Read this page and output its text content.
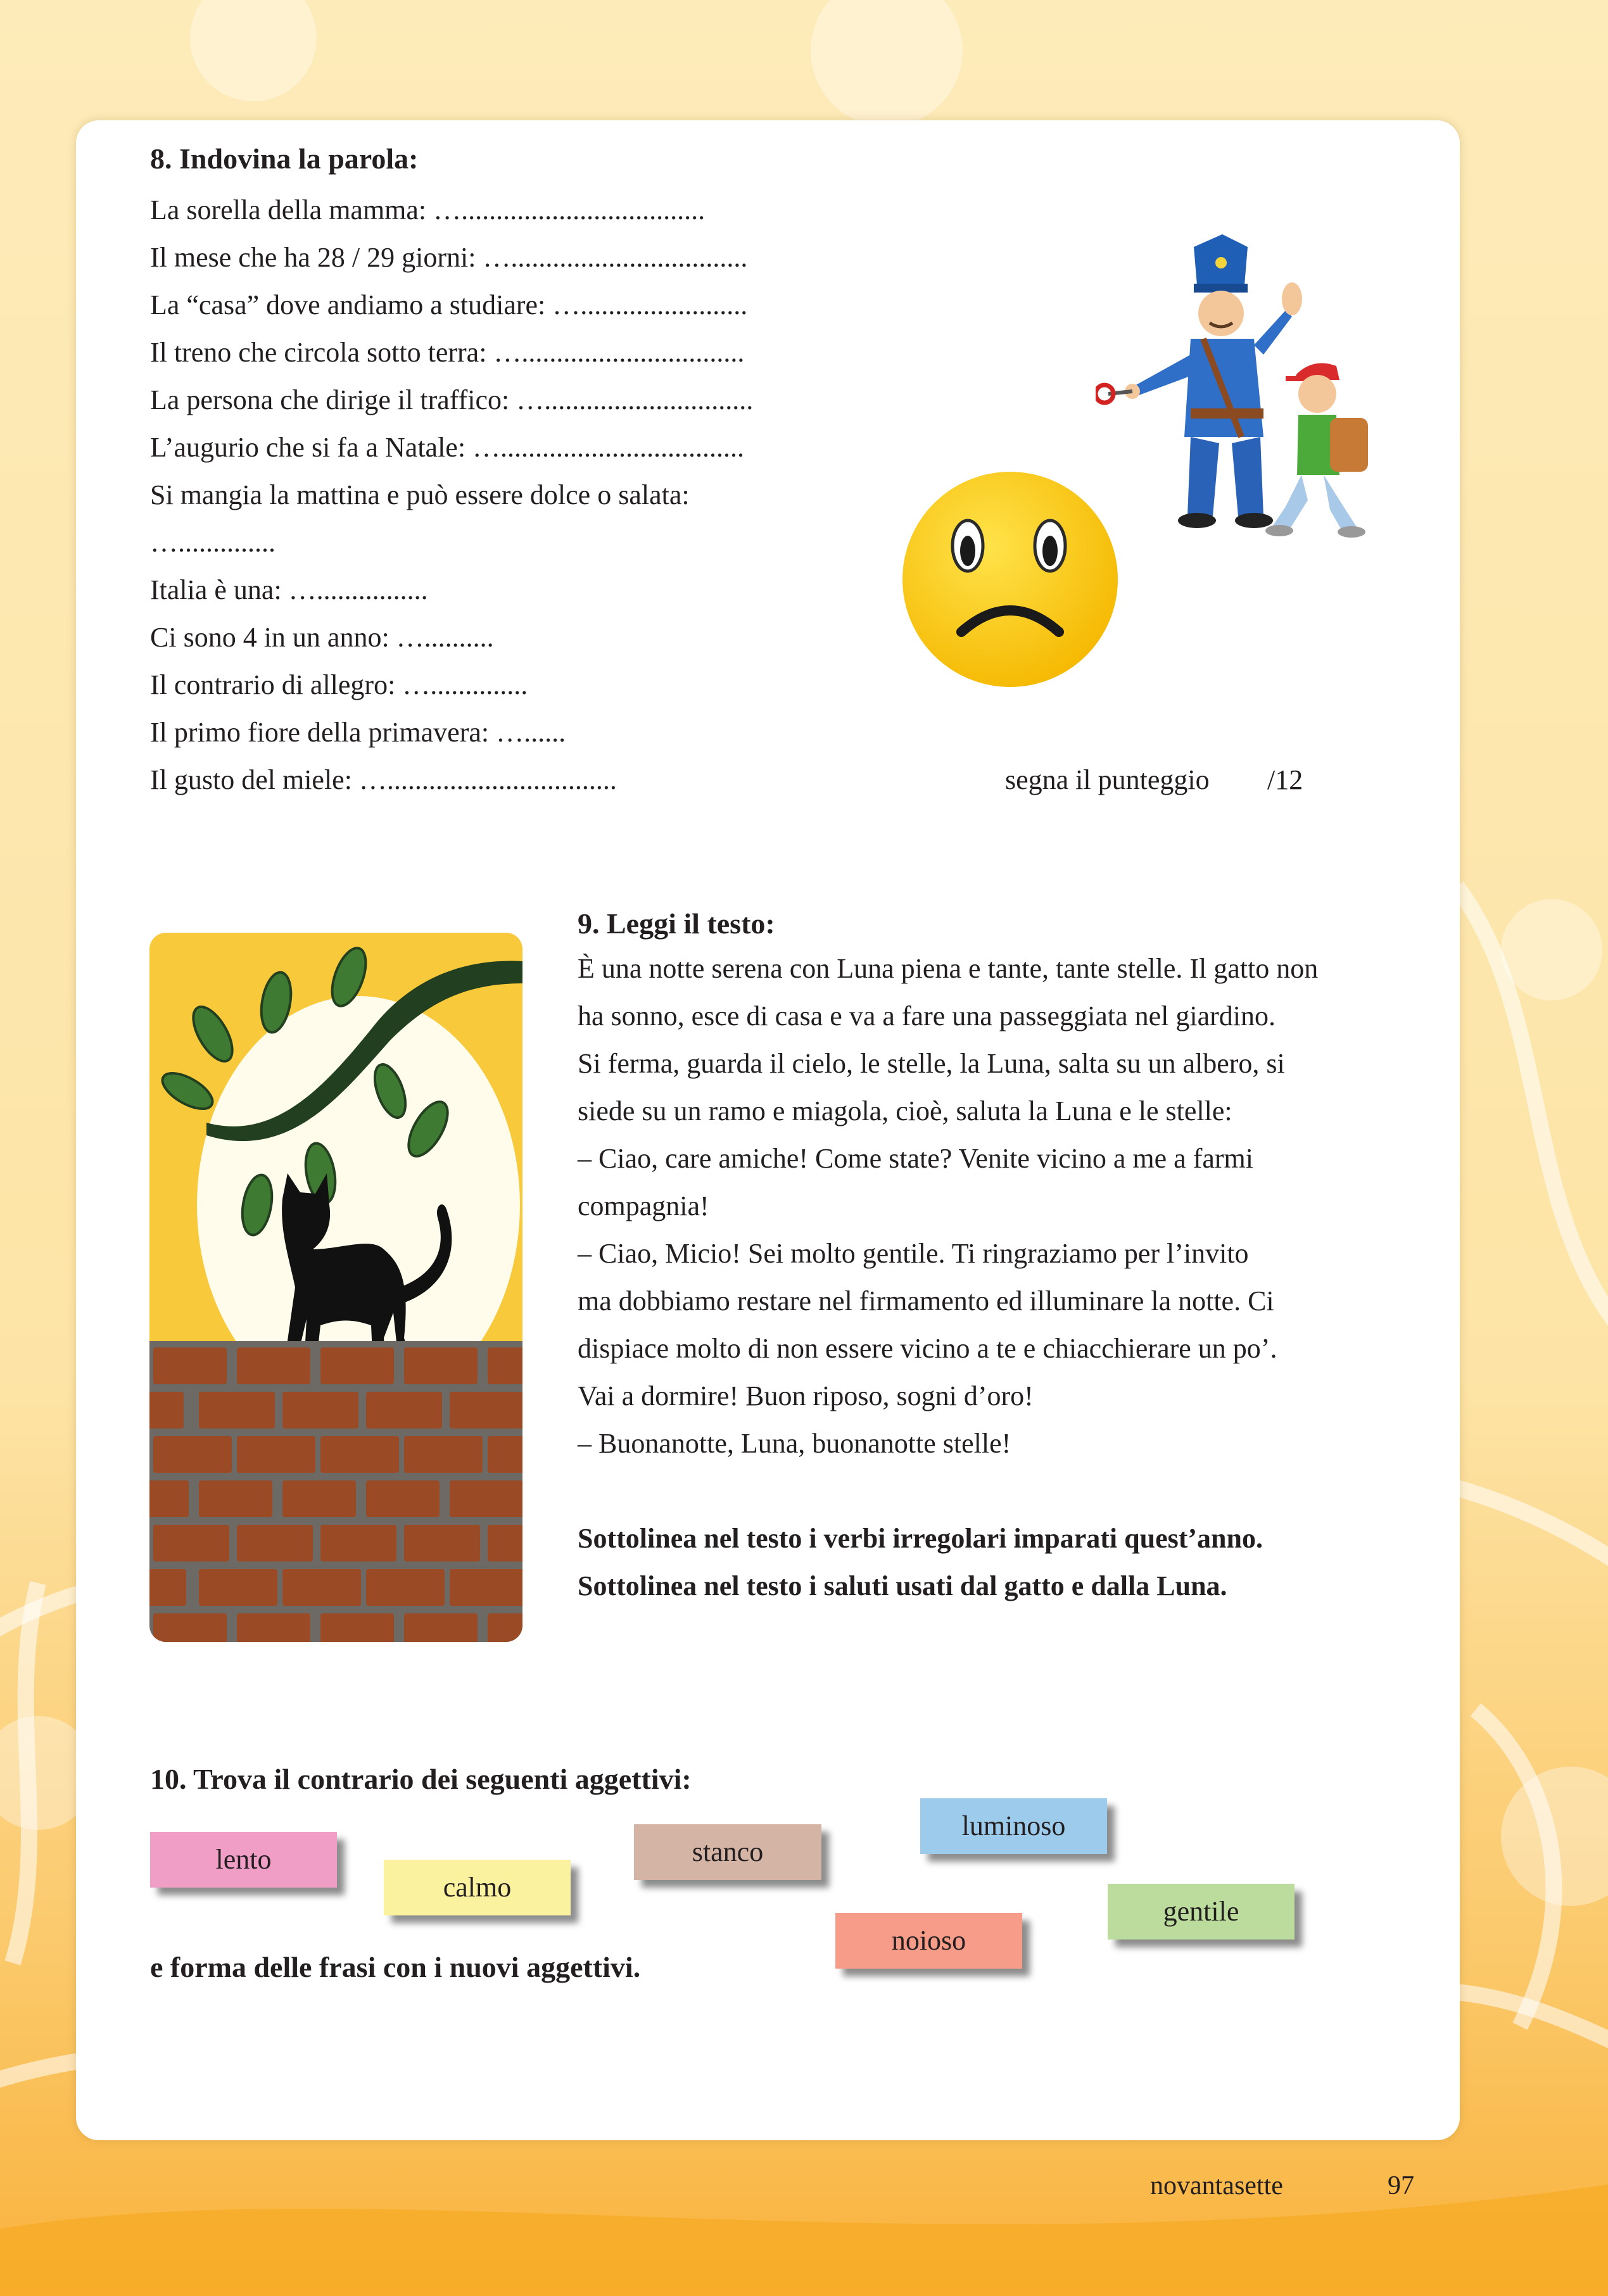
8. Indovina la parola:
La sorella della mamma: …...................................
Il mese che ha 28 / 29 giorni: …..................................
La “casa” dove andiamo a studiare: …........................
Il treno che circola sotto terra: …................................
La persona che dirige il traffico: …..............................
L’augurio che si fa a Natale: …...................................
Si mangia la mattina e può essere dolce o salata:
…..............
Italia è una: …................
Ci sono 4 in un anno: …..........
Il contrario di allegro: …..............
Il primo fiore della primavera: …......
Il gusto del miele: ….................................	segna il punteggio /12
9. Leggi il testo:
È una notte serena con Luna piena e tante, tante stelle. Il gatto non
ha sonno, esce di casa e va a fare una passeggiata nel giardino.
Si ferma, guarda il cielo, le stelle, la Luna, salta su un albero, si
siede su un ramo e miagola, cioè, saluta la Luna e le stelle:
– Ciao, care amiche! Come state? Venite vicino a me a farmi
compagnia!
– Ciao, Micio! Sei molto gentile. Ti ringraziamo per l’invito
ma dobbiamo restare nel firmamento ed illuminare la notte. Ci
dispiace molto di non essere vicino a te e chiacchierare un po’.
Vai a dormire! Buon riposo, sogni d’oro!
– Buonanotte, Luna, buonanotte stelle!
Sottolinea nel testo i verbi irregolari imparati quest’anno.
Sottolinea nel testo i saluti usati dal gatto e dalla Luna.
10. Trova il contrario dei seguenti aggettivi:
lento
calmo
stanco
luminoso
noioso
gentile
e forma delle frasi con i nuovi aggettivi.
novantasette	97
